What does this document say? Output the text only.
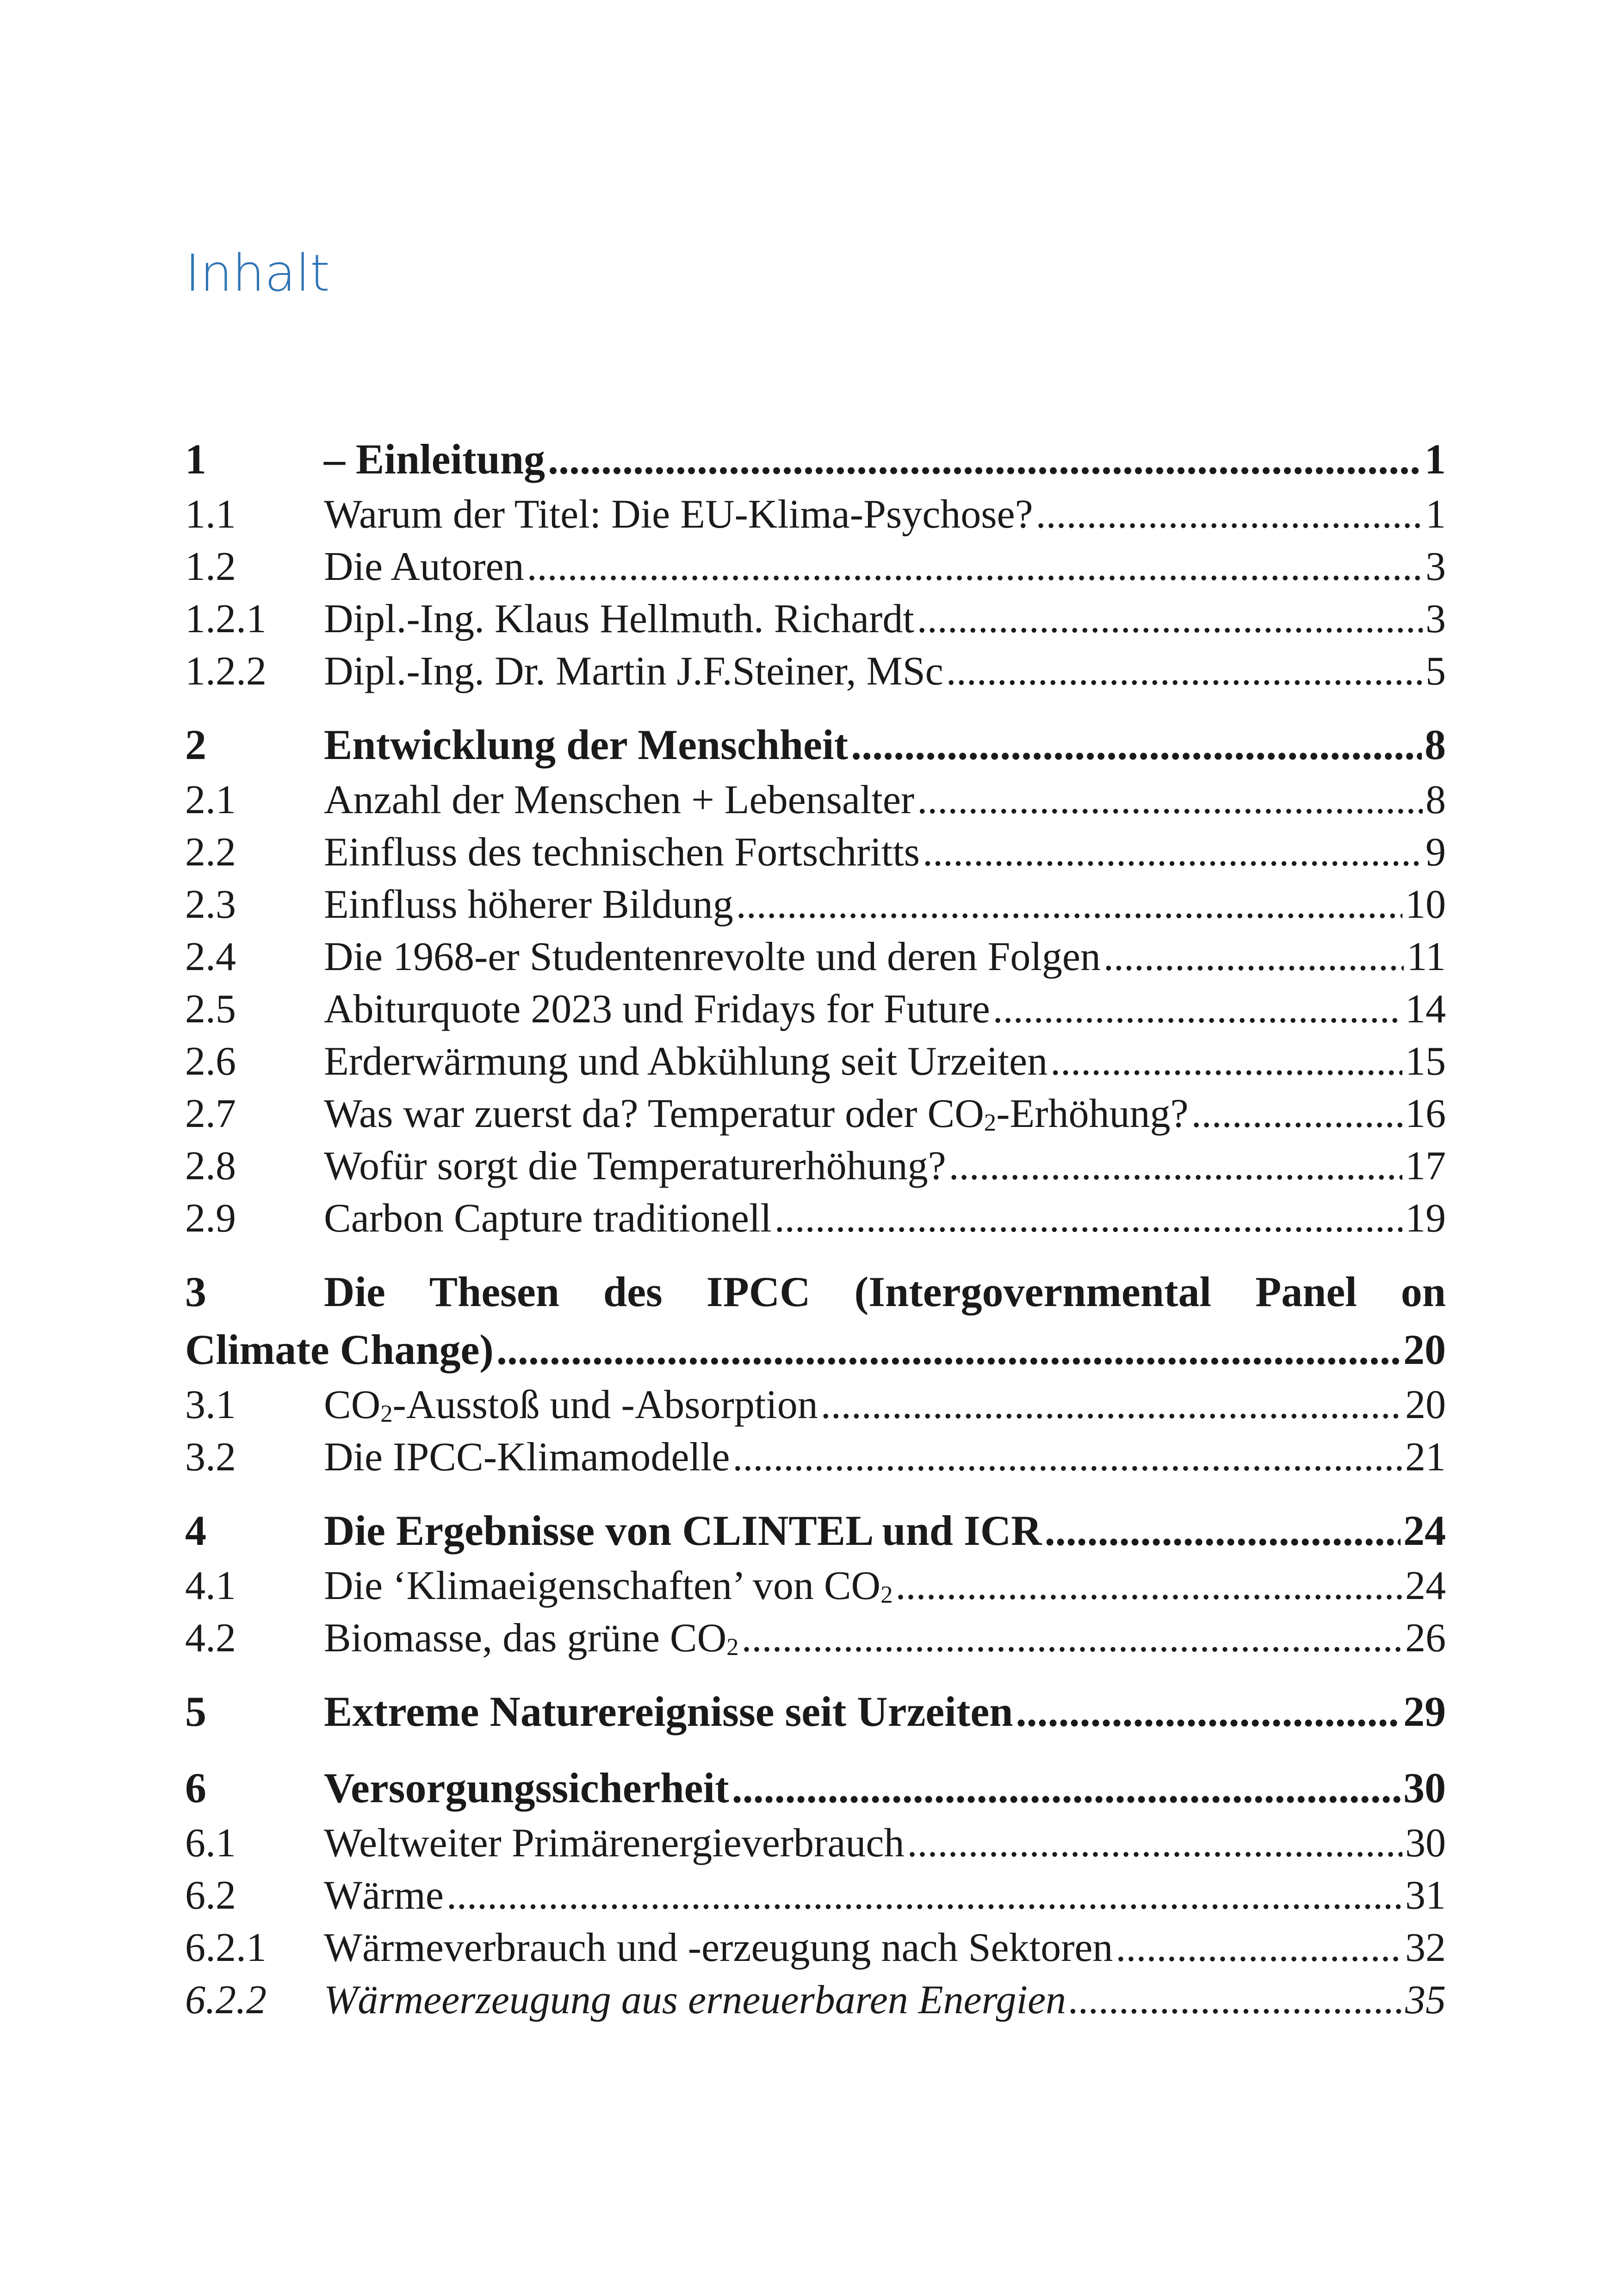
Inhalt
1	– Einleitung .....	1
1.1	Warum der Titel: Die EU-Klima-Psychose? .....	1
1.2	Die Autoren .....	3
1.2.1	Dipl.-Ing. Klaus Hellmuth. Richardt .....	3
1.2.2	Dipl.-Ing. Dr. Martin J.F.Steiner, MSc .....	5
2	Entwicklung der Menschheit .....	8
2.1	Anzahl der Menschen + Lebensalter .....	8
2.2	Einfluss des technischen Fortschritts .....	9
2.3	Einfluss höherer Bildung .....	10
2.4	Die 1968-er Studentenrevolte und deren Folgen .....	11
2.5	Abiturquote 2023 und Fridays for Future .....	14
2.6	Erderwärmung und Abkühlung seit Urzeiten .....	15
2.7	Was war zuerst da? Temperatur oder $CO_2$-Erhöhung? .....	16
2.8	Wofür sorgt die Temperaturerhöhung? .....	17
2.9	Carbon Capture traditionell .....	19
3	Die Thesen des IPCC (Intergovernmental Panel on
Climate Change) .....	20
3.1	$CO_2$-Ausstoß und -Absorption .....	20
3.2	Die IPCC-Klimamodelle .....	21
4	Die Ergebnisse von CLINTEL und ICR .....	24
4.1	Die ‘Klimaeigenschaften’ von $CO_2$ .....	24
4.2	Biomasse, das grüne $CO_2$ .....	26
5	Extreme Naturereignisse seit Urzeiten .....	29
6	Versorgungssicherheit .....	30
6.1	Weltweiter Primärenergieverbrauch .....	30
6.2	Wärme .....	31
6.2.1	Wärmeverbrauch und -erzeugung nach Sektoren .....	32
6.2.2	Wärmeerzeugung aus erneuerbaren Energien .....	35
